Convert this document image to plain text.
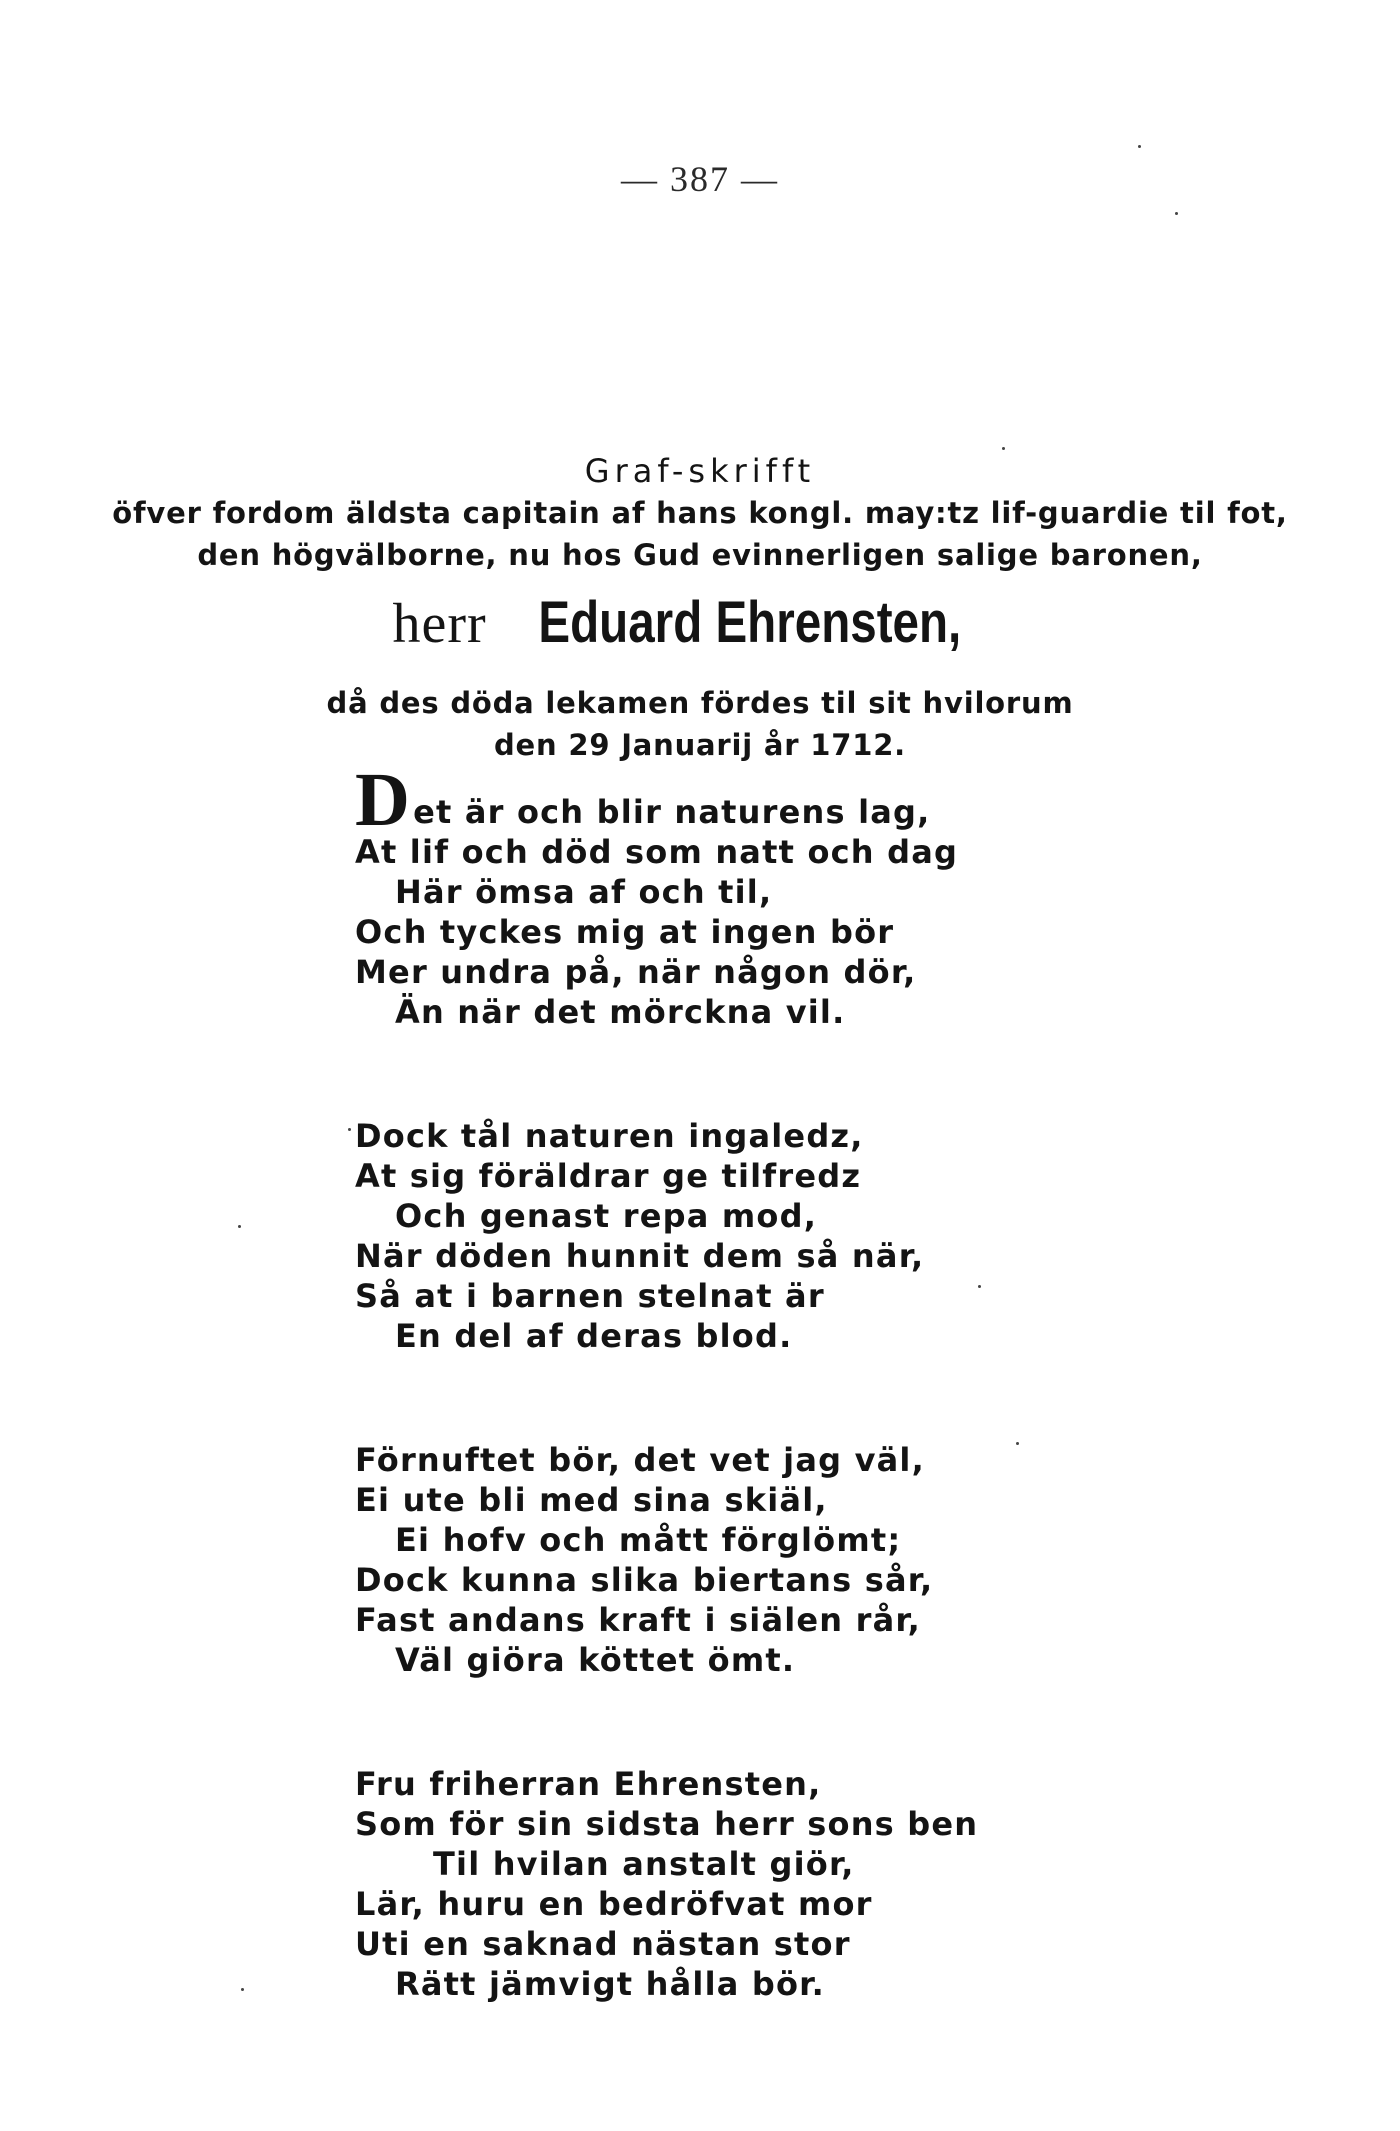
— 387 —
Graf-skrifft
öfver fordom äldsta capitain af hans kongl. may:tz lif-guardie til fot,
den högvälborne, nu hos Gud evinnerligen salige baronen,
herr Eduard Ehrensten,
då des döda lekamen fördes til sit hvilorum
den 29 Januarij år 1712.
Det är och blir naturens lag,
At lif och död som natt och dag
Här ömsa af och til,
Och tyckes mig at ingen bör
Mer undra på, när någon dör,
Än när det mörckna vil.
Dock tål naturen ingaledz,
At sig föräldrar ge tilfredz
Och genast repa mod,
När döden hunnit dem så när,
Så at i barnen stelnat är
En del af deras blod.
Förnuftet bör, det vet jag väl,
Ei ute bli med sina skiäl,
Ei hofv och mått förglömt;
Dock kunna slika biertans sår,
Fast andans kraft i siälen rår,
Väl giöra köttet ömt.
Fru friherran Ehrensten,
Som för sin sidsta herr sons ben
Til hvilan anstalt giör,
Lär, huru en bedröfvat mor
Uti en saknad nästan stor
Rätt jämvigt hålla bör.
